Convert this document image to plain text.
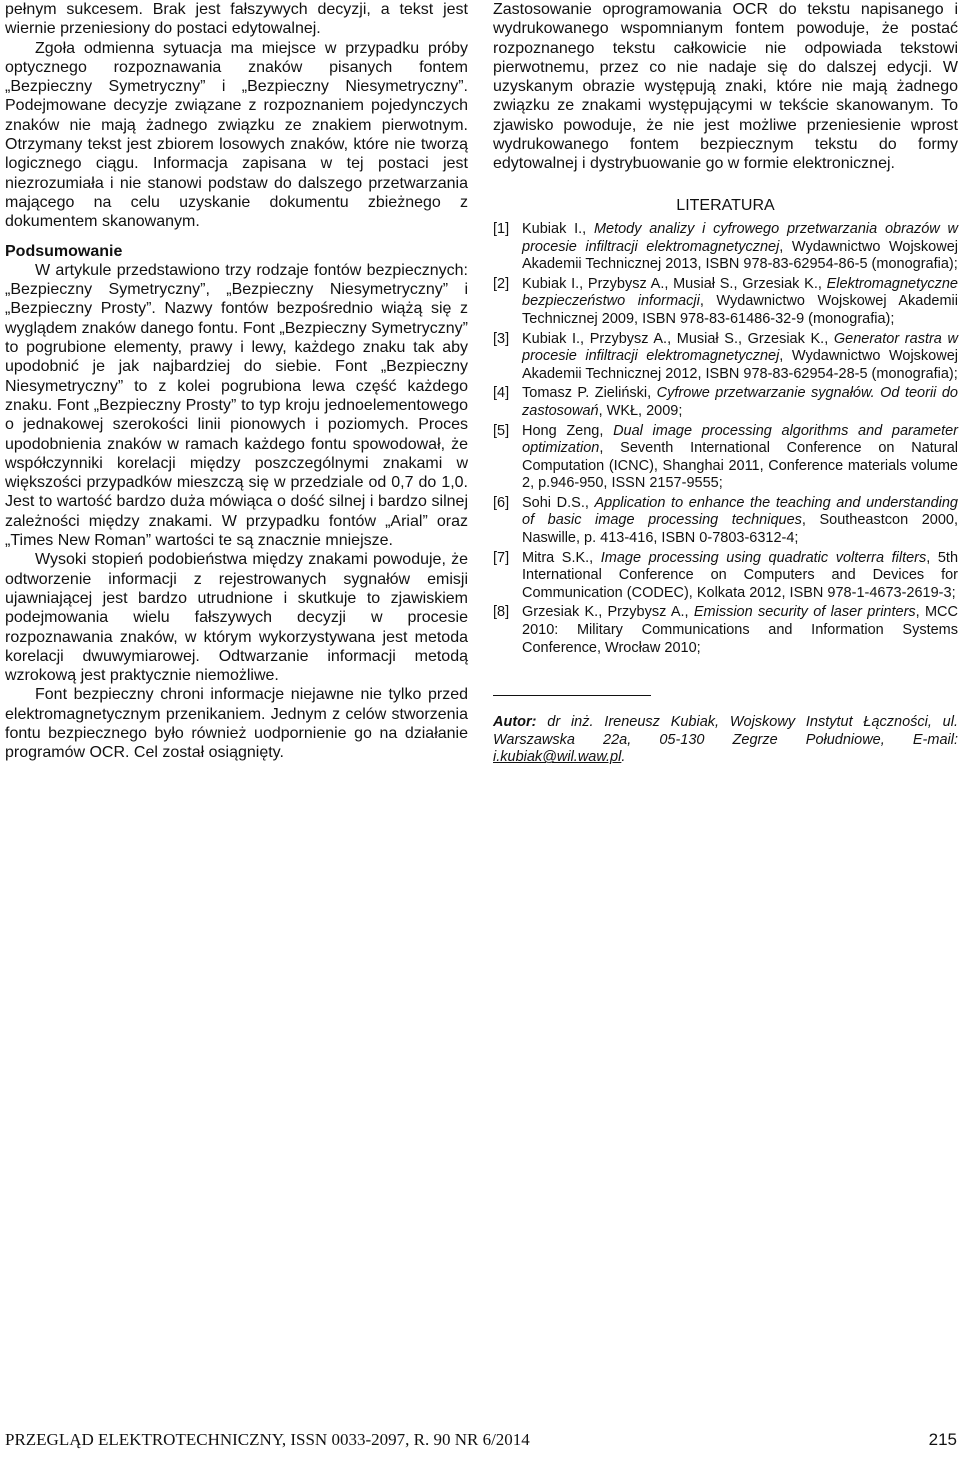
pełnym sukcesem. Brak jest fałszywych decyzji, a tekst jest wiernie przeniesiony do postaci edytowalnej.

Zgoła odmienna sytuacja ma miejsce w przypadku próby optycznego rozpoznawania znaków pisanych fontem „Bezpieczny Symetryczny” i „Bezpieczny Niesymetryczny”. Podejmowane decyzje związane z rozpoznaniem pojedynczych znaków nie mają żadnego związku ze znakiem pierwotnym. Otrzymany tekst jest zbiorem losowych znaków, które nie tworzą logicznego ciągu. Informacja zapisana w tej postaci jest niezrozumiała i nie stanowi podstaw do dalszego przetwarzania mającego na celu uzyskanie dokumentu zbieżnego z dokumentem skanowanym.

Podsumowanie

W artykule przedstawiono trzy rodzaje fontów bezpiecznych: „Bezpieczny Symetryczny”, „Bezpieczny Niesymetryczny” i „Bezpieczny Prosty”. Nazwy fontów bezpośrednio wiążą się z wyglądem znaków danego fontu. Font „Bezpieczny Symetryczny” to pogrubione elementy, prawy i lewy, każdego znaku tak aby upodobnić je jak najbardziej do siebie. Font „Bezpieczny Niesymetryczny” to z kolei pogrubiona lewa część każdego znaku. Font „Bezpieczny Prosty” to typ kroju jednoelementowego o jednakowej szerokości linii pionowych i poziomych. Proces upodobnienia znaków w ramach każdego fontu spowodował, że współczynniki korelacji między poszczególnymi znakami w większości przypadków mieszczą się w przedziale od 0,7 do 1,0. Jest to wartość bardzo duża mówiąca o dość silnej i bardzo silnej zależności między znakami. W przypadku fontów „Arial” oraz „Times New Roman” wartości te są znacznie mniejsze.

Wysoki stopień podobieństwa między znakami powoduje, że odtworzenie informacji z rejestrowanych sygnałów emisji ujawniającej jest bardzo utrudnione i skutkuje to zjawiskiem podejmowania wielu fałszywych decyzji w procesie rozpoznawania znaków, w którym wykorzystywana jest metoda korelacji dwuwymiarowej. Odtwarzanie informacji metodą wzrokową jest praktycznie niemożliwe.

Font bezpieczny chroni informacje niejawne nie tylko przed elektromagnetycznym przenikaniem. Jednym z celów stworzenia fontu bezpiecznego było również uodpornienie go na działanie programów OCR. Cel został osiągnięty.

Zastosowanie oprogramowania OCR do tekstu napisanego i wydrukowanego wspomnianym fontem powoduje, że postać rozpoznanego tekstu całkowicie nie odpowiada tekstowi pierwotnemu, przez co nie nadaje się do dalszej edycji. W uzyskanym obrazie występują znaki, które nie mają żadnego związku ze znakami występującymi w tekście skanowanym. To zjawisko powoduje, że nie jest możliwe przeniesienie wprost wydrukowanego fontem bezpiecznym tekstu do formy edytowalnej i dystrybuowanie go w formie elektronicznej.

LITERATURA

[1] Kubiak I., Metody analizy i cyfrowego przetwarzania obrazów w procesie infiltracji elektromagnetycznej, Wydawnictwo Wojskowej Akademii Technicznej 2013, ISBN 978-83-62954-86-5 (monografia);

[2] Kubiak I., Przybysz A., Musiał S., Grzesiak K., Elektromagnetyczne bezpieczeństwo informacji, Wydawnictwo Wojskowej Akademii Technicznej 2009, ISBN 978-83-61486-32-9 (monografia);

[3] Kubiak I., Przybysz A., Musiał S., Grzesiak K., Generator rastra w procesie infiltracji elektromagnetycznej, Wydawnictwo Wojskowej Akademii Technicznej 2012, ISBN 978-83-62954-28-5 (monografia);

[4] Tomasz P. Zieliński, Cyfrowe przetwarzanie sygnałów. Od teorii do zastosowań, WKŁ, 2009;

[5] Hong Zeng, Dual image processing algorithms and parameter optimization, Seventh International Conference on Natural Computation (ICNC), Shanghai 2011, Conference materials volume 2, p.946-950, ISSN 2157-9555;

[6] Sohi D.S., Application to enhance the teaching and understanding of basic image processing techniques, Southeastcon 2000, Naswille, p. 413-416, ISBN 0-7803-6312-4;

[7] Mitra S.K., Image processing using quadratic volterra filters, 5th International Conference on Computers and Devices for Communication (CODEC), Kolkata 2012, ISBN 978-1-4673-2619-3;

[8] Grzesiak K., Przybysz A., Emission security of laser printers, MCC 2010: Military Communications and Information Systems Conference, Wrocław 2010;

Autor: dr inż. Ireneusz Kubiak, Wojskowy Instytut Łączności, ul. Warszawska 22a, 05-130 Zegrze Południowe, E-mail: i.kubiak@wil.waw.pl.

PRZEGLĄD ELEKTROTECHNICZNY, ISSN 0033-2097, R. 90 NR 6/2014	215
